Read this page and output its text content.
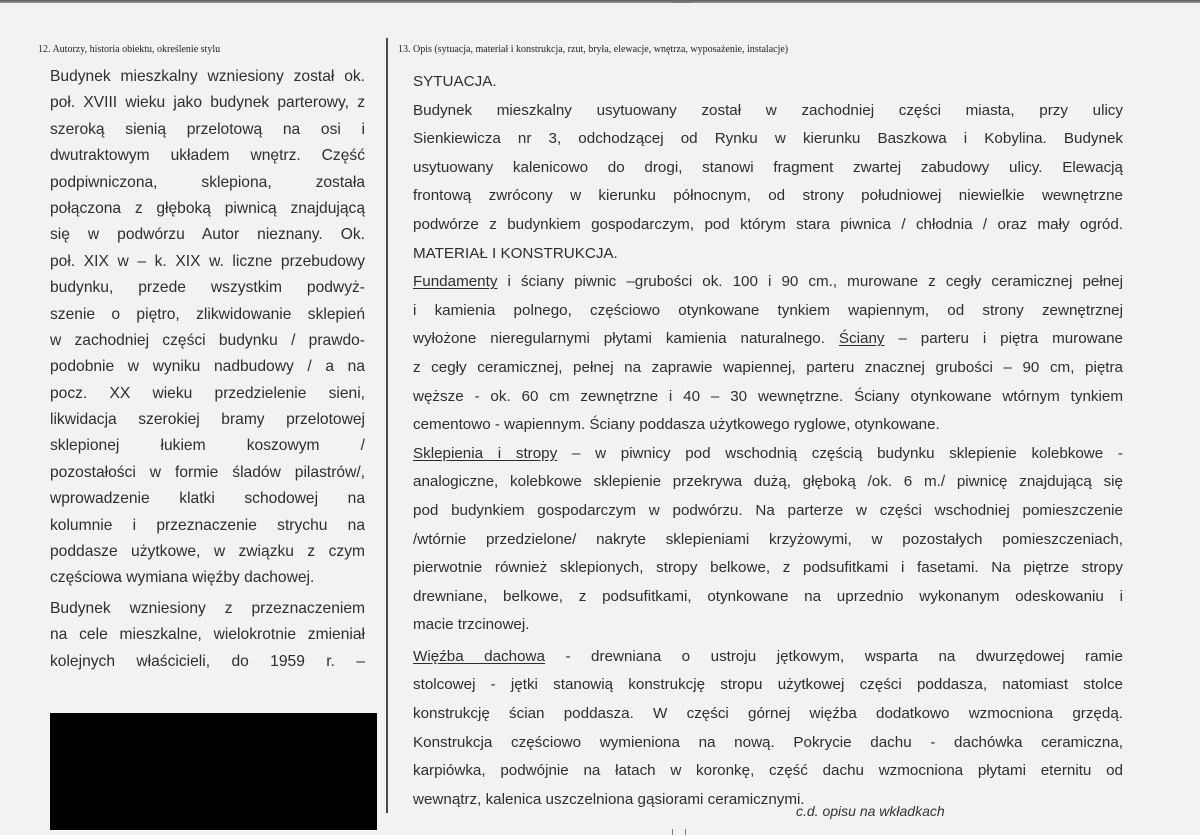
12. Autorzy, historia obiektu, określenie stylu	13. Opis (sytuacja, materiał i konstrukcja, rzut, bryła, elewacje, wnętrza, wyposażenie, instalacje)
Budynek mieszkalny wzniesiony został ok.
poł. XVIII wieku jako budynek parterowy, z
szeroką sienią przelotową na osi i
dwutraktowym układem wnętrz. Część
podpiwniczona, sklepiona, została
połączona z głęboką piwnicą znajdującą
się w podwórzu Autor nieznany. Ok.
poł. XIX w – k. XIX w. liczne przebudowy
budynku, przede wszystkim podwyż-
szenie o piętro, zlikwidowanie sklepień
w zachodniej części budynku / prawdo-
podobnie w wyniku nadbudowy / a na
pocz. XX wieku przedzielenie sieni,
likwidacja szerokiej bramy przelotowej
sklepionej łukiem koszowym /
pozostałości w formie śladów pilastrów/,
wprowadzenie klatki schodowej na
kolumnie i przeznaczenie strychu na
poddasze użytkowe, w związku z czym
częściowa wymiana więźby dachowej.
Budynek wzniesiony z przeznaczeniem
na cele mieszkalne, wielokrotnie zmieniał
kolejnych właścicieli, do 1959 r. –
SYTUACJA.
Budynek mieszkalny usytuowany został w zachodniej części miasta, przy ulicy
Sienkiewicza nr 3, odchodzącej od Rynku w kierunku Baszkowa i Kobylina. Budynek
usytuowany kalenicowo do drogi, stanowi fragment zwartej zabudowy ulicy. Elewacją
frontową zwrócony w kierunku północnym, od strony południowej niewielkie wewnętrzne
podwórze z budynkiem gospodarczym, pod którym stara piwnica / chłodnia / oraz mały ogród.
MATERIAŁ I KONSTRUKCJA.
Fundamenty i ściany piwnic –grubości ok. 100 i 90 cm., murowane z cegły ceramicznej pełnej
i kamienia polnego, częściowo otynkowane tynkiem wapiennym, od strony zewnętrznej
wyłożone nieregularnymi płytami kamienia naturalnego. Ściany – parteru i piętra murowane
z cegły ceramicznej, pełnej na zaprawie wapiennej, parteru znacznej grubości – 90 cm, piętra
węższe - ok. 60 cm zewnętrzne i 40 – 30 wewnętrzne. Ściany otynkowane wtórnym tynkiem
cementowo - wapiennym. Ściany poddasza użytkowego ryglowe, otynkowane.
Sklepienia i stropy – w piwnicy pod wschodnią częścią budynku sklepienie kolebkowe -
analogiczne, kolebkowe sklepienie przekrywa dużą, głęboką /ok. 6 m./ piwnicę znajdującą się
pod budynkiem gospodarczym w podwórzu. Na parterze w części wschodniej pomieszczenie
/wtórnie przedzielone/ nakryte sklepieniami krzyżowymi, w pozostałych pomieszczeniach,
pierwotnie również sklepionych, stropy belkowe, z podsufitkami i fasetami. Na piętrze stropy
drewniane, belkowe, z podsufitkami, otynkowane na uprzednio wykonanym odeskowaniu i
macie trzcinowej.
Więźba dachowa - drewniana o ustroju jętkowym, wsparta na dwurzędowej ramie
stolcowej - jętki stanowią konstrukcję stropu użytkowej części poddasza, natomiast stolce
konstrukcję ścian poddasza. W części górnej więźba dodatkowo wzmocniona grzędą.
Konstrukcja częściowo wymieniona na nową. Pokrycie dachu - dachówka ceramiczna,
karpiówka, podwójnie na łatach w koronkę, część dachu wzmocniona płytami eternitu od
wewnątrz, kalenica uszczelniona gąsiorami ceramicznymi.
c.d. opisu na wkładkach
